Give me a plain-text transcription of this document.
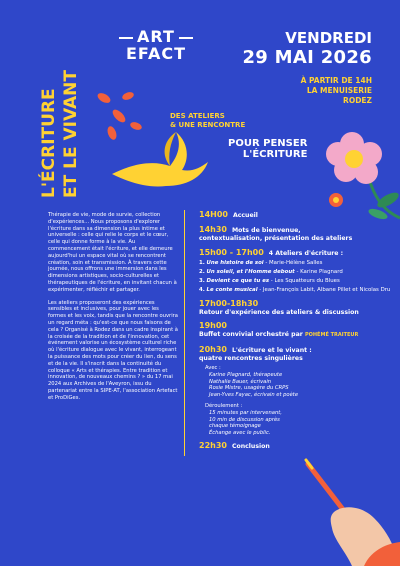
L'ÉCRITURE ET LE VIVANT
ART
EFACT
VENDREDI
29 MAI 2026
À PARTIR DE 14H
LA MENUISERIE
RODEZ
DES ATELIERS
& UNE RENCONTRE
POUR PENSER
L'ÉCRITURE

Thérapie de vie, mode de survie, collection d'expériences... Nous proposons d'explorer l'écriture dans sa dimension la plus intime et universelle : celle qui relie le corps et le cœur, celle qui donne forme à la vie. Au commencement était l'écriture, et elle demeure aujourd'hui un espace vital où se rencontrent création, soin et transmission. À travers cette journée, nous offrons une immersion dans les dimensions artistiques, socio-culturelles et thérapeutiques de l'écriture, en invitant chacun à expérimenter, réfléchir et partager.

Les ateliers proposeront des expériences sensibles et inclusives, pour jouer avec les formes et les voix, tandis que la rencontre ouvrira un regard méta : qu'est-ce que nous faisons de cela ? Organisé à Rodez dans un cadre inspirant à la croisée de la tradition et de l'innovation, cet événement valorise un écosystème culturel riche où l'écriture dialogue avec le vivant, interrogeant la puissance des mots pour créer du lien, du sens et de la vie. Il s'inscrit dans la continuité du colloque « Arts et thérapies. Entre tradition et innovation, de nouveaux chemins ? » du 17 mai 2024 aux Archives de l'Aveyron, issu du partenariat entre la SIPE-AT, l'association Artefact et ProDiGes.

14H00 Accueil
14h30 Mots de bienvenue,
contextualisation, présentation des ateliers
15h00 - 17h00 4 Ateliers d'écriture :
1. Une histoire de soi - Marie-Hélène Salles
2. Un soleil, et l'Homme debout - Karine Plagnard
3. Devient ce que tu es - Les Squatteurs du Blues
4. Le conte musical - Jean-François Labit, Albane Pillet et Nicolas Dru
17h00-18h30
Retour d'expérience des ateliers & discussion
19h00
Buffet convivial orchestré par POHÉMÉ TRAITEUR
20h30 L'écriture et le vivant :
quatre rencontres singulières
Avec :
Karine Plagnard, thérapeute
Nathalie Bauer, écrivain
Rosie Mistre, usagère du CRPS
Jean-Yves Fayac, écrivain et poète
Déroulement :
15 minutes par intervenant,
10 min de discussion après
chaque témoignage
Échange avec le public.
22h30 Conclusion
